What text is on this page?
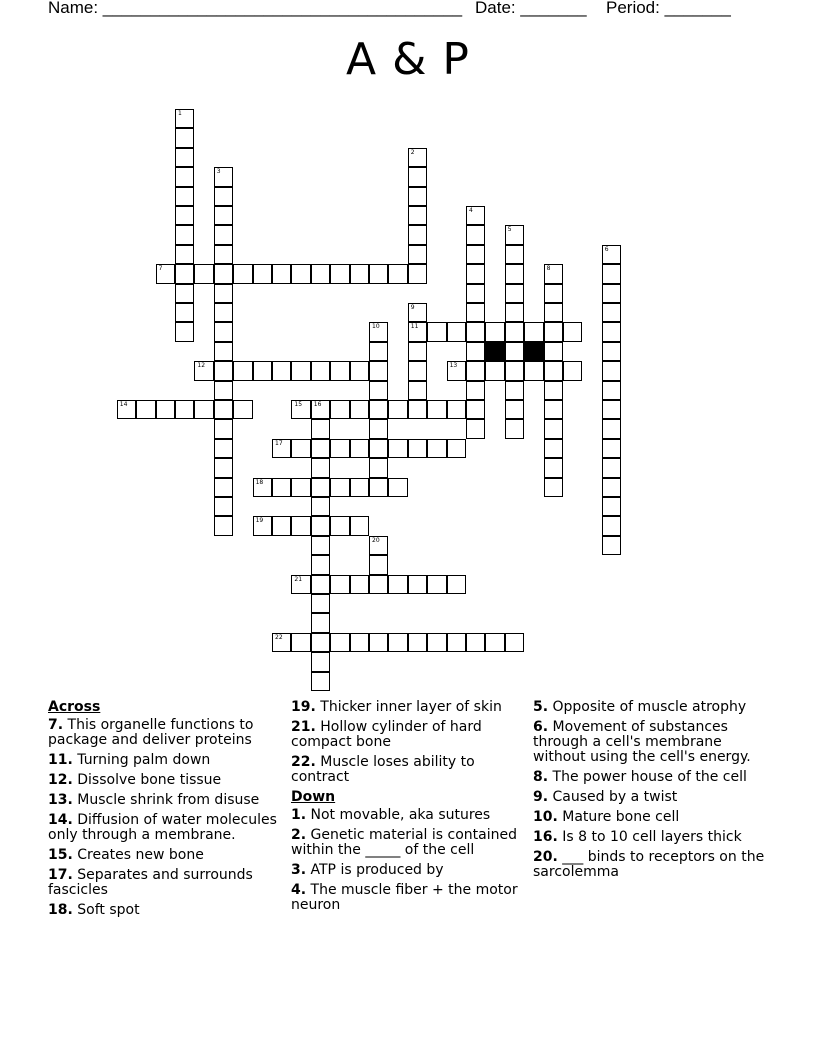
Name: ______________________________________ Date: _______ Period: _______
A & P
1
2
3
4
5
6
7	8
9
11
10
12	13
14	15 16
17
18
19
20
21
22
Across
7. This organelle functions to package and deliver proteins
11. Turning palm down
12. Dissolve bone tissue
13. Muscle shrink from disuse
14. Diffusion of water molecules only through a membrane.
15. Creates new bone
17. Separates and surrounds fascicles
18. Soft spot
19. Thicker inner layer of skin
21. Hollow cylinder of hard compact bone
22. Muscle loses ability to contract
Down
1. Not movable, aka sutures
2. Genetic material is contained within the _____ of the cell
3. ATP is produced by
4. The muscle fiber + the motor neuron
5. Opposite of muscle atrophy
6. Movement of substances through a cell's membrane without using the cell's energy.
8. The power house of the cell
9. Caused by a twist
10. Mature bone cell
16. Is 8 to 10 cell layers thick
20. ___ binds to receptors on the sarcolemma
